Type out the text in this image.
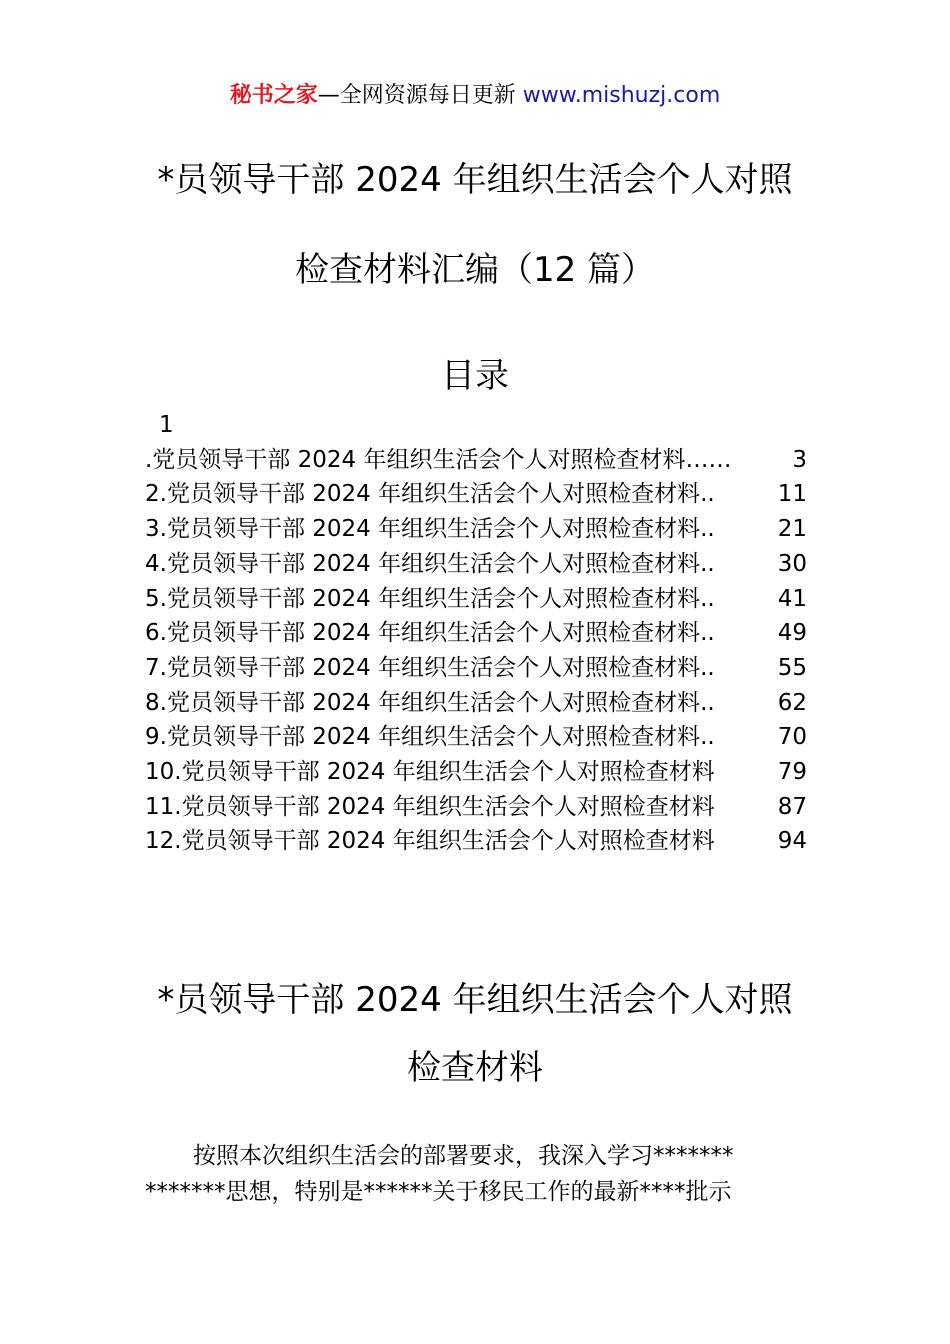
秘书之家—全网资源每日更新 www.mishuzj.com
*员领导干部 2024 年组织生活会个人对照
检查材料汇编（12 篇）
目录
1
.党员领导干部 2024 年组织生活会个人对照检查材料 ……	3
2.党员领导干部 2024 年组织生活会个人对照检查材料 ..	11
3.党员领导干部 2024 年组织生活会个人对照检查材料 ..	21
4.党员领导干部 2024 年组织生活会个人对照检查材料 ..	30
5.党员领导干部 2024 年组织生活会个人对照检查材料 ..	41
6.党员领导干部 2024 年组织生活会个人对照检查材料 ..	49
7.党员领导干部 2024 年组织生活会个人对照检查材料 ..	55
8.党员领导干部 2024 年组织生活会个人对照检查材料 ..	62
9.党员领导干部 2024 年组织生活会个人对照检查材料 ..	70
10.党员领导干部 2024 年组织生活会个人对照检查材料	79
11.党员领导干部 2024 年组织生活会个人对照检查材料	87
12.党员领导干部 2024 年组织生活会个人对照检查材料	94
*员领导干部 2024 年组织生活会个人对照
检查材料

按照本次组织生活会的部署要求，我深入学习*******

*******思想，特别是******关于移民工作的最新****批示
